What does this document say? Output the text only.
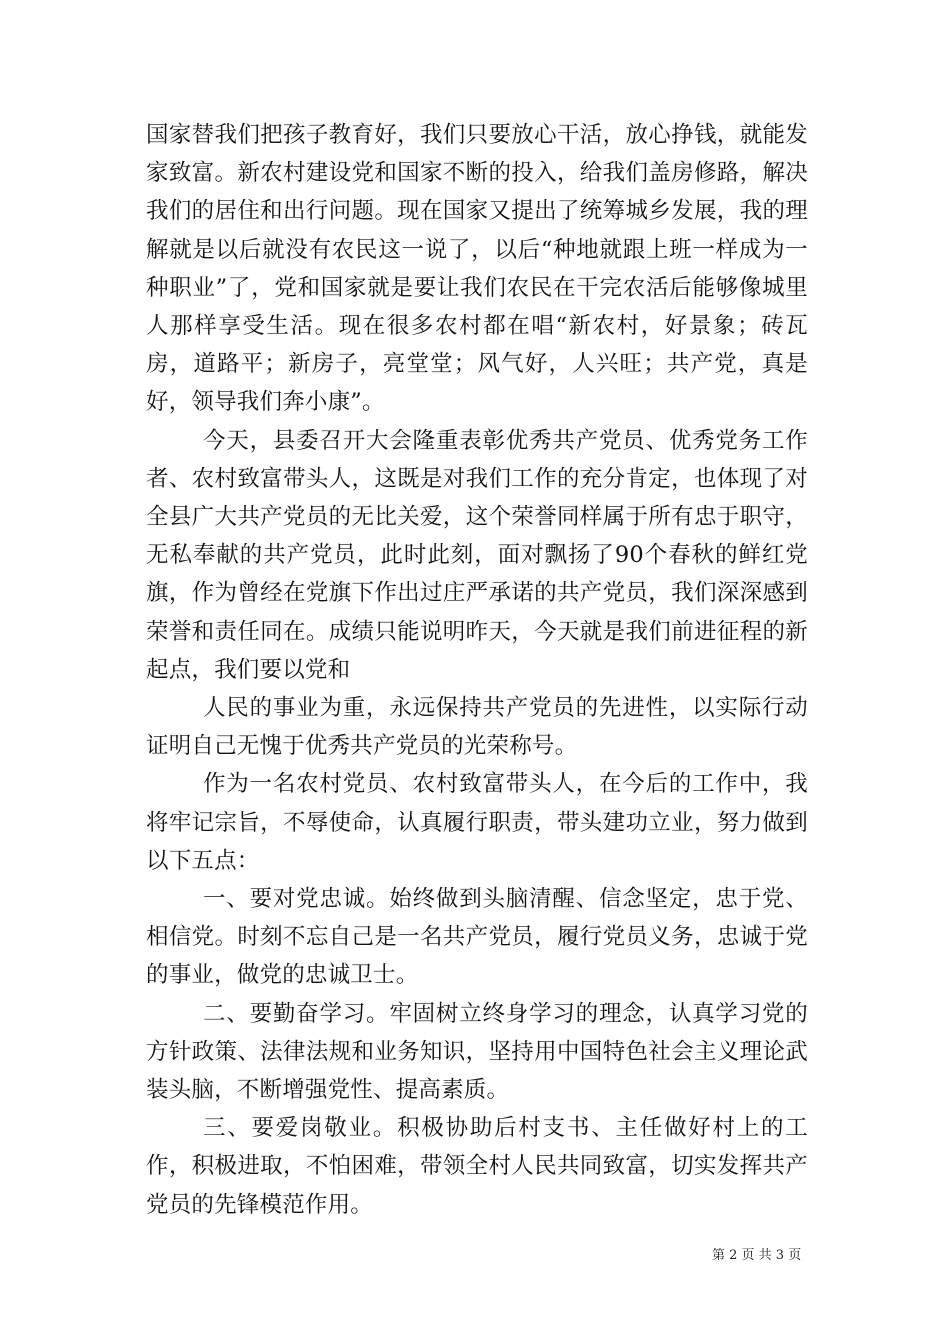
国家替我们把孩子教育好，我们只要放心干活，放心挣钱，就能发家致富。新农村建设党和国家不断的投入，给我们盖房修路，解决我们的居住和出行问题。现在国家又提出了统筹城乡发展，我的理解就是以后就没有农民这一说了，以后“种地就跟上班一样成为一种职业”了，党和国家就是要让我们农民在干完农活后能够像城里人那样享受生活。现在很多农村都在唱“新农村，好景象；砖瓦房，道路平；新房子，亮堂堂；风气好，人兴旺；共产党，真是好，领导我们奔小康”。

今天，县委召开大会隆重表彰优秀共产党员、优秀党务工作者、农村致富带头人，这既是对我们工作的充分肯定，也体现了对全县广大共产党员的无比关爱，这个荣誉同样属于所有忠于职守，无私奉献的共产党员，此时此刻，面对飘扬了90个春秋的鲜红党旗，作为曾经在党旗下作出过庄严承诺的共产党员，我们深深感到荣誉和责任同在。成绩只能说明昨天，今天就是我们前进征程的新起点，我们要以党和

人民的事业为重，永远保持共产党员的先进性，以实际行动证明自己无愧于优秀共产党员的光荣称号。

作为一名农村党员、农村致富带头人，在今后的工作中，我将牢记宗旨，不辱使命，认真履行职责，带头建功立业，努力做到以下五点：

一、要对党忠诚。始终做到头脑清醒、信念坚定，忠于党、相信党。时刻不忘自己是一名共产党员，履行党员义务，忠诚于党的事业，做党的忠诚卫士。

二、要勤奋学习。牢固树立终身学习的理念，认真学习党的方针政策、法律法规和业务知识，坚持用中国特色社会主义理论武装头脑，不断增强党性、提高素质。

三、要爱岗敬业。积极协助后村支书、主任做好村上的工作，积极进取，不怕困难，带领全村人民共同致富，切实发挥共产党员的先锋模范作用。

第 2 页 共 3 页
